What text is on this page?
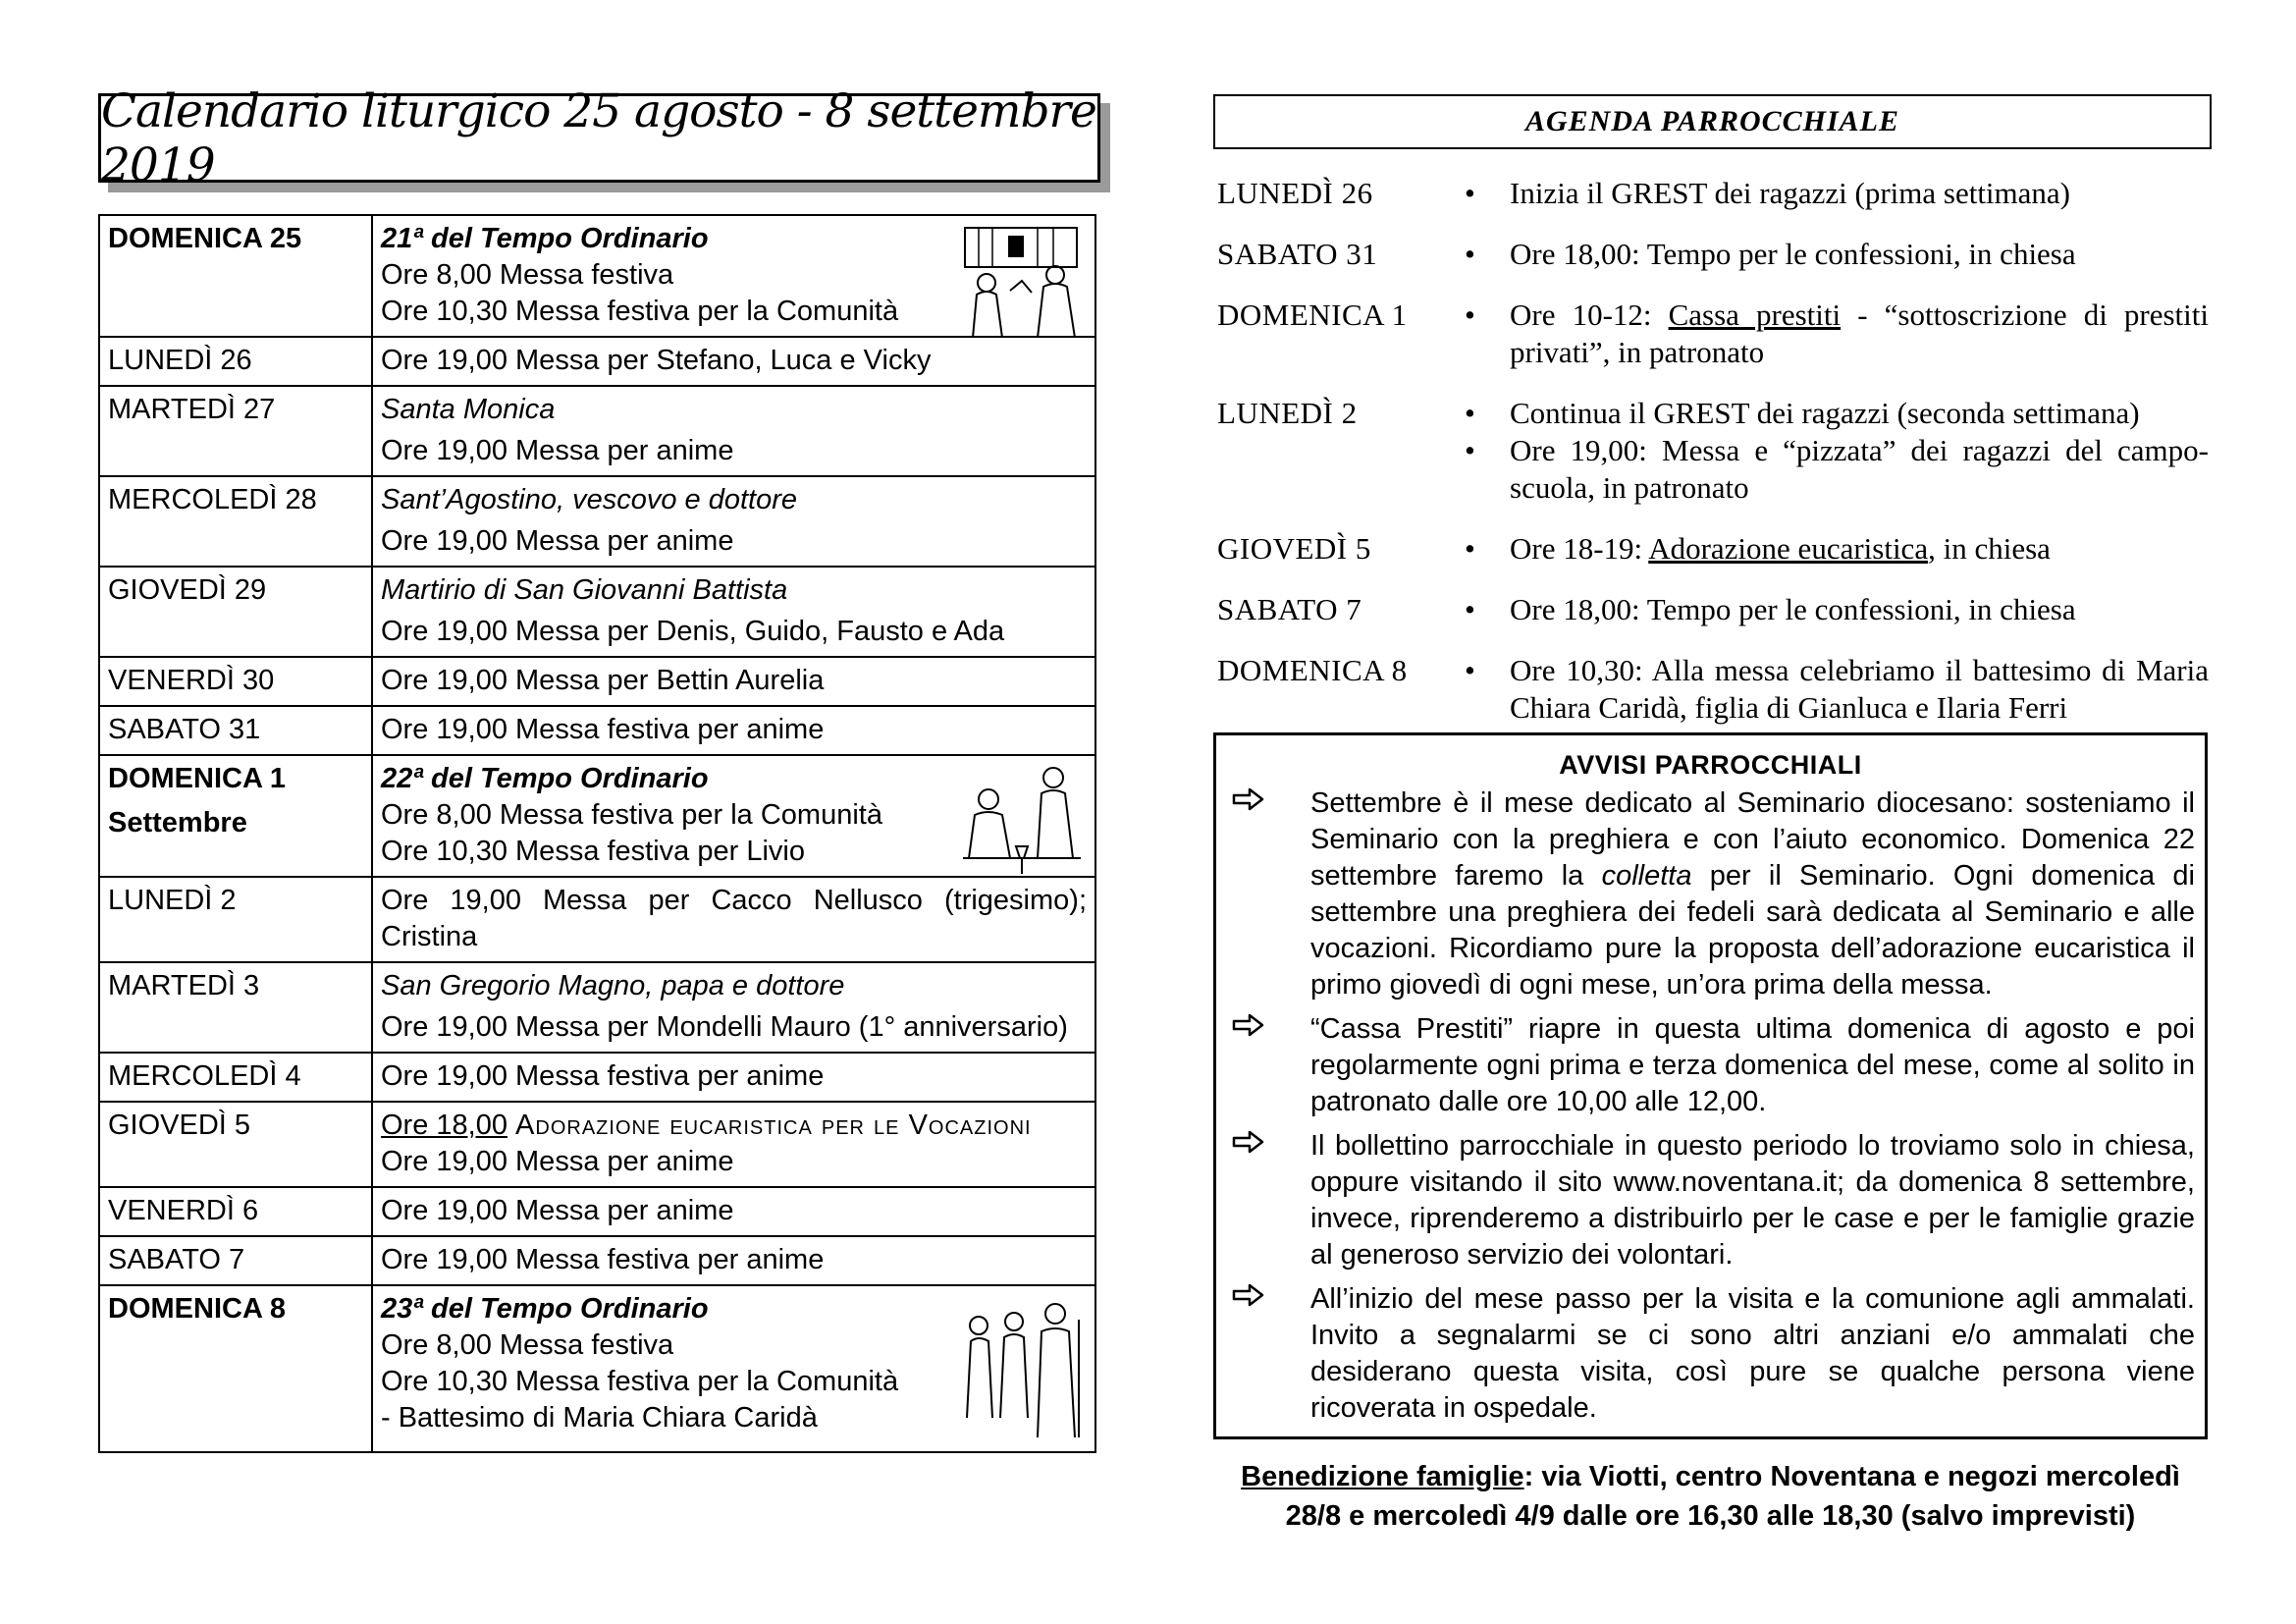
Calendario liturgico 25 agosto - 8 settembre 2019
DOMENICA 25	21ª del Tempo Ordinario
Ore 8,00 Messa festiva
Ore 10,30 Messa festiva per la Comunità

LUNEDÌ 26	Ore 19,00 Messa per Stefano, Luca e Vicky

MARTEDÌ 27	Santa Monica
Ore 19,00 Messa per anime

MERCOLEDÌ 28	Sant’Agostino, vescovo e dottore
Ore 19,00 Messa per anime

GIOVEDÌ 29	Martirio di San Giovanni Battista
Ore 19,00 Messa per Denis, Guido, Fausto e Ada

VENERDÌ 30	Ore 19,00 Messa per Bettin Aurelia

SABATO 31	Ore 19,00 Messa festiva per anime

DOMENICA 1
Settembre	22ª del Tempo Ordinario
Ore 8,00 Messa festiva per la Comunità
Ore 10,30 Messa festiva per Livio

LUNEDÌ 2	Ore 19,00 Messa per Cacco Nellusco (trigesimo); Cristina

MARTEDÌ 3	San Gregorio Magno, papa e dottore
Ore 19,00 Messa per Mondelli Mauro (1° anniversario)

MERCOLEDÌ 4	Ore 19,00 Messa festiva per anime

GIOVEDÌ 5	Ore 18,00 Adorazione eucaristica per le Vocazioni
Ore 19,00 Messa per anime

VENERDÌ 6	Ore 19,00 Messa per anime

SABATO 7	Ore 19,00 Messa festiva per anime

DOMENICA 8	23ª del Tempo Ordinario
Ore 8,00 Messa festiva
Ore 10,30 Messa festiva per la Comunità
- Battesimo di Maria Chiara Caridà
AGENDA PARROCCHIALE
LUNEDÌ 26	•	Inizia il GREST dei ragazzi (prima settimana)
SABATO 31	•	Ore 18,00: Tempo per le confessioni, in chiesa
DOMENICA 1	•	Ore 10-12: Cassa prestiti - “sottoscrizione di prestiti privati”, in patronato
LUNEDÌ 2	•	Continua il GREST dei ragazzi (seconda settimana)
•	Ore 19,00: Messa e “pizzata” dei ragazzi del campo-scuola, in patronato
GIOVEDÌ 5	•	Ore 18-19: Adorazione eucaristica, in chiesa
SABATO 7	•	Ore 18,00: Tempo per le confessioni, in chiesa
DOMENICA 8	•	Ore 10,30: Alla messa celebriamo il battesimo di Maria Chiara Caridà, figlia di Gianluca e Ilaria Ferri
AVVISI PARROCCHIALI
Settembre è il mese dedicato al Seminario diocesano: sosteniamo il Seminario con la preghiera e con l’aiuto economico. Domenica 22 settembre faremo la colletta per il Seminario. Ogni domenica di settembre una preghiera dei fedeli sarà dedicata al Seminario e alle vocazioni. Ricordiamo pure la proposta dell’adorazione eucaristica il primo giovedì di ogni mese, un’ora prima della messa.
“Cassa Prestiti” riapre in questa ultima domenica di agosto e poi regolarmente ogni prima e terza domenica del mese, come al solito in patronato dalle ore 10,00 alle 12,00.
Il bollettino parrocchiale in questo periodo lo troviamo solo in chiesa, oppure visitando il sito www.noventana.it; da domenica 8 settembre, invece, riprenderemo a distribuirlo per le case e per le famiglie grazie al generoso servizio dei volontari.
All’inizio del mese passo per la visita e la comunione agli ammalati. Invito a segnalarmi se ci sono altri anziani e/o ammalati che desiderano questa visita, così pure se qualche persona viene ricoverata in ospedale.
Benedizione famiglie: via Viotti, centro Noventana e negozi mercoledì 28/8 e mercoledì 4/9 dalle ore 16,30 alle 18,30 (salvo imprevisti)
